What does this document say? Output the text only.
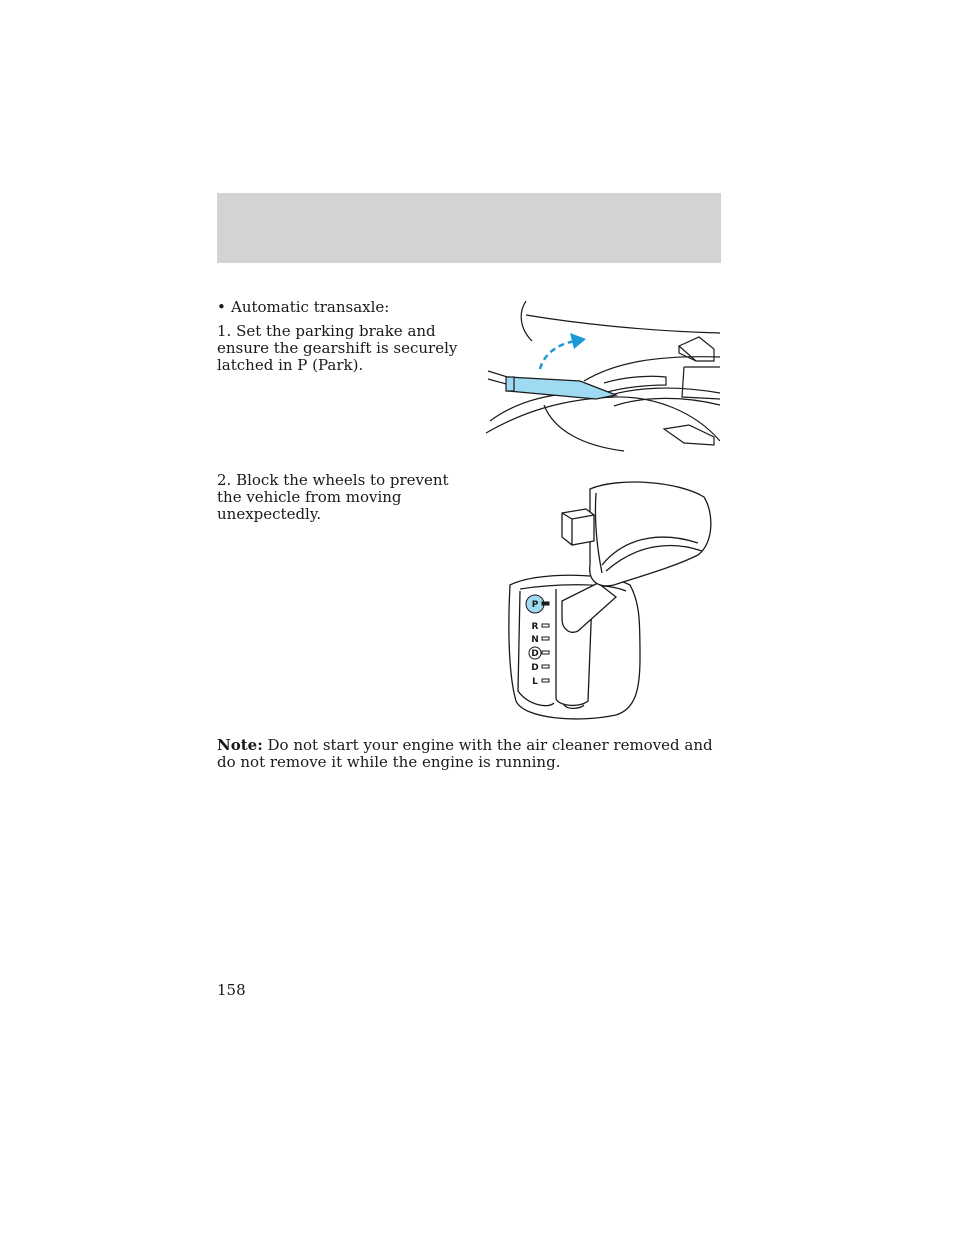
• Automatic transaxle:
1. Set the parking brake and ensure the gearshift is securely latched in P (Park).
2. Block the wheels to prevent the vehicle from moving unexpectedly.
Note: Do not start your engine with the air cleaner removed and do not remove it while the engine is running.
158
P
R
N
D
D
L
